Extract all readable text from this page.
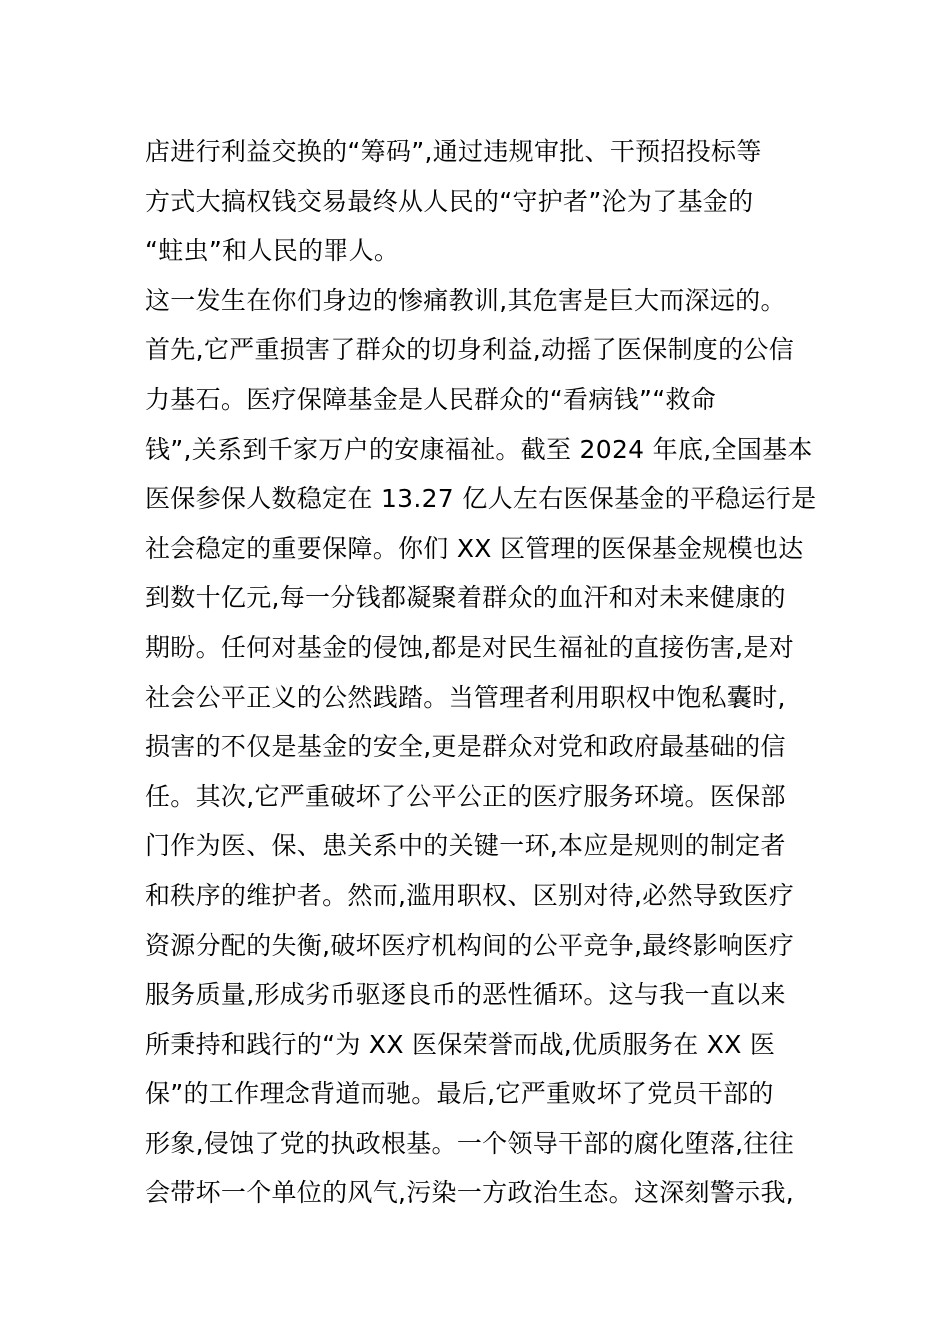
店进行利益交换的“筹码”,通过违规审批、干预招投标等
方式大搞权钱交易最终从人民的“守护者”沦为了基金的
“蛀虫”和人民的罪人。
这一发生在你们身边的惨痛教训,其危害是巨大而深远的。
首先,它严重损害了群众的切身利益,动摇了医保制度的公信
力基石。医疗保障基金是人民群众的“看病钱”“救命
钱”,关系到千家万户的安康福祉。截至 2024 年底,全国基本
医保参保人数稳定在 13.27 亿人左右医保基金的平稳运行是
社会稳定的重要保障。你们 XX 区管理的医保基金规模也达
到数十亿元,每一分钱都凝聚着群众的血汗和对未来健康的
期盼。任何对基金的侵蚀,都是对民生福祉的直接伤害,是对
社会公平正义的公然践踏。当管理者利用职权中饱私囊时,
损害的不仅是基金的安全,更是群众对党和政府最基础的信
任。其次,它严重破坏了公平公正的医疗服务环境。医保部
门作为医、保、患关系中的关键一环,本应是规则的制定者
和秩序的维护者。然而,滥用职权、区别对待,必然导致医疗
资源分配的失衡,破坏医疗机构间的公平竞争,最终影响医疗
服务质量,形成劣币驱逐良币的恶性循环。这与我一直以来
所秉持和践行的“为 XX 医保荣誉而战,优质服务在 XX 医
保”的工作理念背道而驰。最后,它严重败坏了党员干部的
形象,侵蚀了党的执政根基。一个领导干部的腐化堕落,往往
会带坏一个单位的风气,污染一方政治生态。这深刻警示我,
